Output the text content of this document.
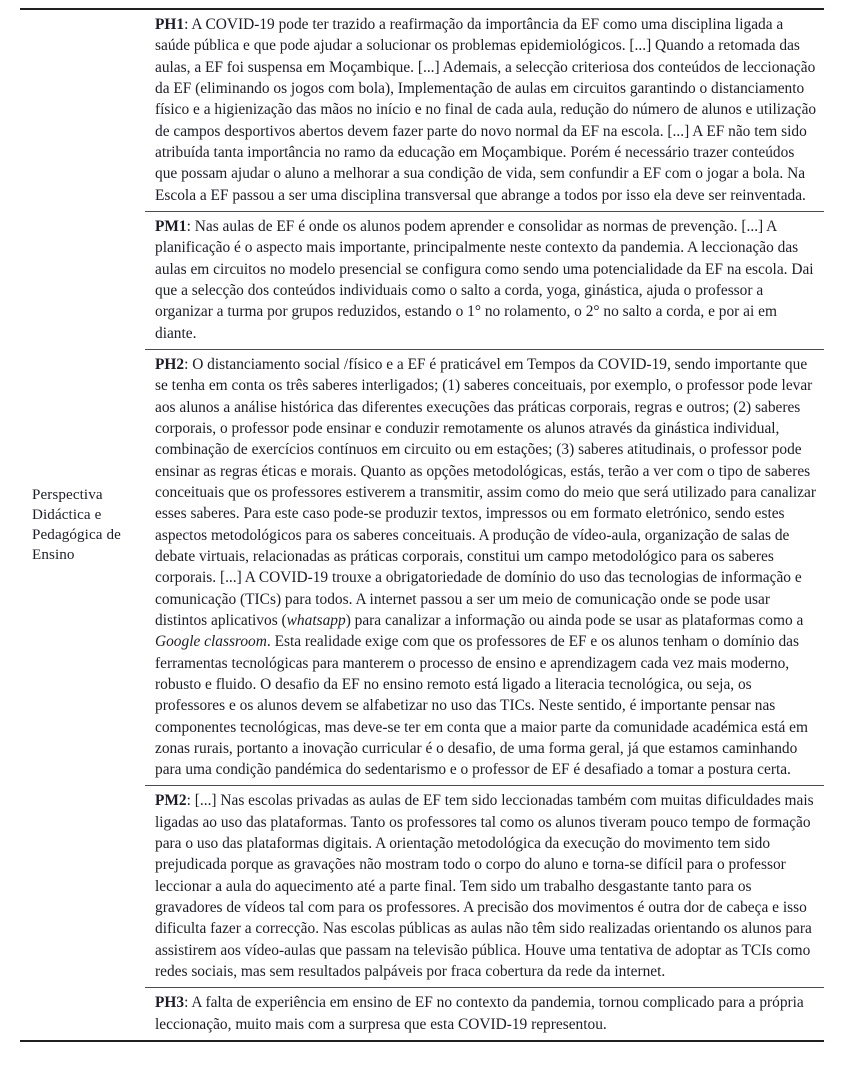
Perspectiva Didáctica e Pedagógica de Ensino	PH1: A COVID-19 pode ter trazido a reafirmação da importância da EF como uma disciplina ligada a saúde pública e que pode ajudar a solucionar os problemas epidemiológicos. [...] Quando a retomada das aulas, a EF foi suspensa em Moçambique. [...] Ademais, a selecção criteriosa dos conteúdos de leccionação da EF (eliminando os jogos com bola), Implementação de aulas em circuitos garantindo o distanciamento físico e a higienização das mãos no início e no final de cada aula, redução do número de alunos e utilização de campos desportivos abertos devem fazer parte do novo normal da EF na escola. [...] A EF não tem sido atribuída tanta importância no ramo da educação em Moçambique. Porém é necessário trazer conteúdos que possam ajudar o aluno a melhorar a sua condição de vida, sem confundir a EF com o jogar a bola. Na Escola a EF passou a ser uma disciplina transversal que abrange a todos por isso ela deve ser reinventada.

	PM1: Nas aulas de EF é onde os alunos podem aprender e consolidar as normas de prevenção. [...] A planificação é o aspecto mais importante, principalmente neste contexto da pandemia. A leccionação das aulas em circuitos no modelo presencial se configura como sendo uma potencialidade da EF na escola. Dai que a selecção dos conteúdos individuais como o salto a corda, yoga, ginástica, ajuda o professor a organizar a turma por grupos reduzidos, estando o 1° no rolamento, o 2° no salto a corda, e por ai em diante.

	PH2: O distanciamento social /físico e a EF é praticável em Tempos da COVID-19, sendo importante que se tenha em conta os três saberes interligados; (1) saberes conceituais, por exemplo, o professor pode levar aos alunos a análise histórica das diferentes execuções das práticas corporais, regras e outros; (2) saberes corporais, o professor pode ensinar e conduzir remotamente os alunos através da ginástica individual, combinação de exercícios contínuos em circuito ou em estações; (3) saberes atitudinais, o professor pode ensinar as regras éticas e morais. Quanto as opções metodológicas, estás, terão a ver com o tipo de saberes conceituais que os professores estiverem a transmitir, assim como do meio que será utilizado para canalizar esses saberes. Para este caso pode-se produzir textos, impressos ou em formato eletrónico, sendo estes aspectos metodológicos para os saberes conceituais. A produção de vídeo-aula, organização de salas de debate virtuais, relacionadas as práticas corporais, constitui um campo metodológico para os saberes corporais. [...] A COVID-19 trouxe a obrigatoriedade de domínio do uso das tecnologias de informação e comunicação (TICs) para todos. A internet passou a ser um meio de comunicação onde se pode usar distintos aplicativos (whatsapp) para canalizar a informação ou ainda pode se usar as plataformas como a Google classroom. Esta realidade exige com que os professores de EF e os alunos tenham o domínio das ferramentas tecnológicas para manterem o processo de ensino e aprendizagem cada vez mais moderno, robusto e fluido. O desafio da EF no ensino remoto está ligado a literacia tecnológica, ou seja, os professores e os alunos devem se alfabetizar no uso das TICs. Neste sentido, é importante pensar nas componentes tecnológicas, mas deve-se ter em conta que a maior parte da comunidade académica está em zonas rurais, portanto a inovação curricular é o desafio, de uma forma geral, já que estamos caminhando para uma condição pandémica do sedentarismo e o professor de EF é desafiado a tomar a postura certa.

	PM2: [...] Nas escolas privadas as aulas de EF tem sido leccionadas também com muitas dificuldades mais ligadas ao uso das plataformas. Tanto os professores tal como os alunos tiveram pouco tempo de formação para o uso das plataformas digitais. A orientação metodológica da execução do movimento tem sido prejudicada porque as gravações não mostram todo o corpo do aluno e torna-se difícil para o professor leccionar a aula do aquecimento até a parte final. Tem sido um trabalho desgastante tanto para os gravadores de vídeos tal com para os professores. A precisão dos movimentos é outra dor de cabeça e isso dificulta fazer a correcção. Nas escolas públicas as aulas não têm sido realizadas orientando os alunos para assistirem aos vídeo-aulas que passam na televisão pública. Houve uma tentativa de adoptar as TCIs como redes sociais, mas sem resultados palpáveis por fraca cobertura da rede da internet.

	PH3: A falta de experiência em ensino de EF no contexto da pandemia, tornou complicado para a própria leccionação, muito mais com a surpresa que esta COVID-19 representou.
